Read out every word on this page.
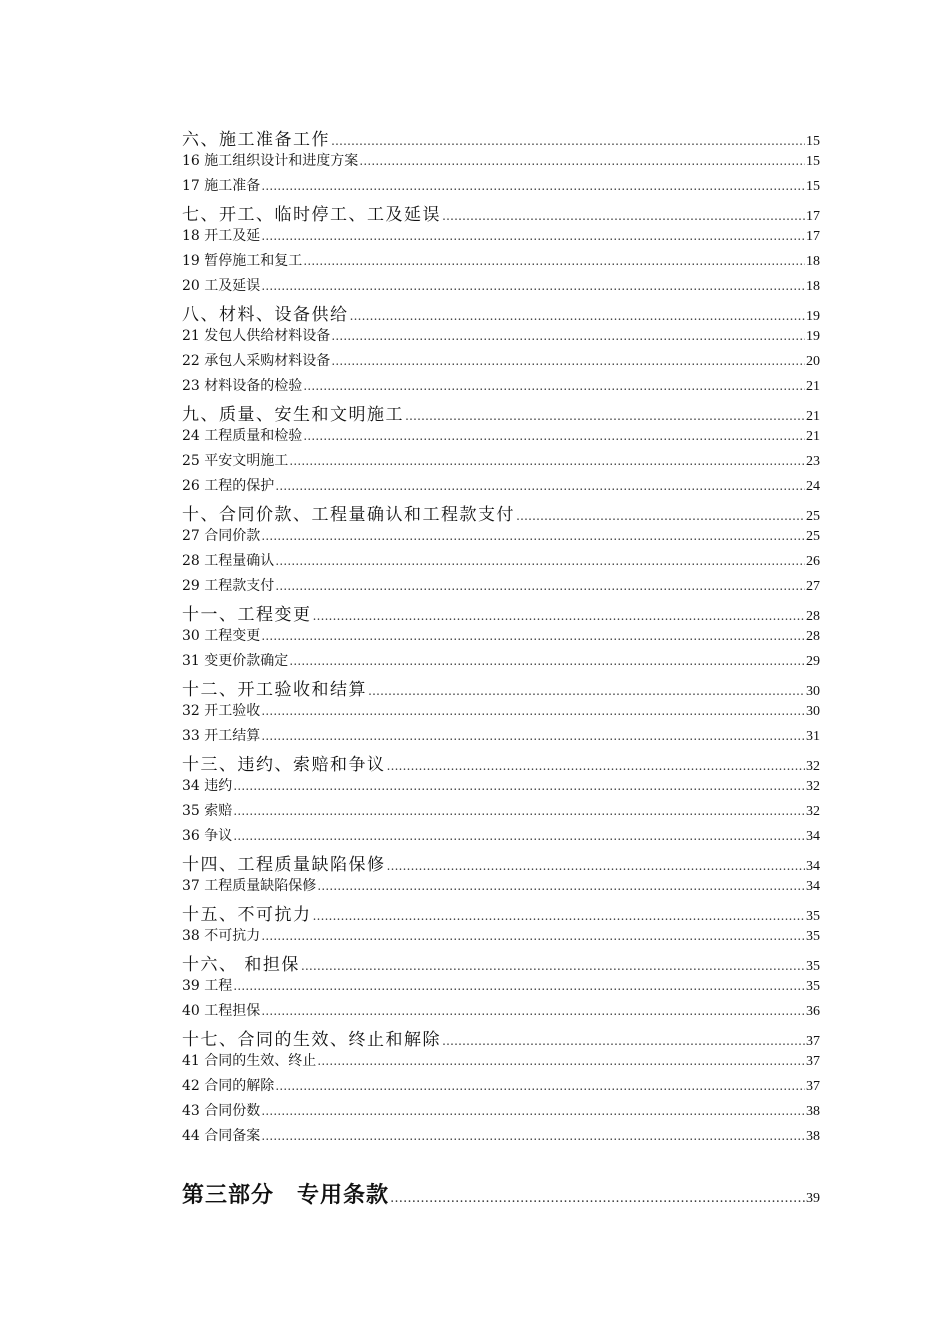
六、施工准备工作 ………………………………………………………………………………………………………………………………………………………………………………………………………………………………	15
16 施工组织设计和进度方案 ………………………………………………………………………………………………………………………………………………………………………………………………………………………………	15
17 施工准备 ………………………………………………………………………………………………………………………………………………………………………………………………………………………………	15
七、开工、临时停工、工及延误 ………………………………………………………………………………………………………………………………………………………………………………………………………………………………	17
18 开工及延 ………………………………………………………………………………………………………………………………………………………………………………………………………………………………	17
19 暂停施工和复工 ………………………………………………………………………………………………………………………………………………………………………………………………………………………………	18
20 工及延误 ………………………………………………………………………………………………………………………………………………………………………………………………………………………………	18
八、材料、设备供给 ………………………………………………………………………………………………………………………………………………………………………………………………………………………………	19
21 发包人供给材料设备 ………………………………………………………………………………………………………………………………………………………………………………………………………………………………	19
22 承包人采购材料设备 ………………………………………………………………………………………………………………………………………………………………………………………………………………………………	20
23 材料设备的检验 ………………………………………………………………………………………………………………………………………………………………………………………………………………………………	21
九、质量、安生和文明施工 ………………………………………………………………………………………………………………………………………………………………………………………………………………………………	21
24 工程质量和检验 ………………………………………………………………………………………………………………………………………………………………………………………………………………………………	21
25 平安文明施工 ………………………………………………………………………………………………………………………………………………………………………………………………………………………………	23
26 工程的保护 ………………………………………………………………………………………………………………………………………………………………………………………………………………………………	24
十、合同价款、工程量确认和工程款支付 ………………………………………………………………………………………………………………………………………………………………………………………………………………………………	25
27 合同价款 ………………………………………………………………………………………………………………………………………………………………………………………………………………………………	25
28 工程量确认 ………………………………………………………………………………………………………………………………………………………………………………………………………………………………	26
29 工程款支付 ………………………………………………………………………………………………………………………………………………………………………………………………………………………………	27
十一、工程变更 ………………………………………………………………………………………………………………………………………………………………………………………………………………………………	28
30 工程变更 ………………………………………………………………………………………………………………………………………………………………………………………………………………………………	28
31 变更价款确定 ………………………………………………………………………………………………………………………………………………………………………………………………………………………………	29
十二、开工验收和结算 ………………………………………………………………………………………………………………………………………………………………………………………………………………………………	30
32 开工验收 ………………………………………………………………………………………………………………………………………………………………………………………………………………………………	30
33 开工结算 ………………………………………………………………………………………………………………………………………………………………………………………………………………………………	31
十三、违约、索赔和争议 ………………………………………………………………………………………………………………………………………………………………………………………………………………………………	32
34 违约 ………………………………………………………………………………………………………………………………………………………………………………………………………………………………	32
35 索赔 ………………………………………………………………………………………………………………………………………………………………………………………………………………………………	32
36 争议 ………………………………………………………………………………………………………………………………………………………………………………………………………………………………	34
十四、工程质量缺陷保修 ………………………………………………………………………………………………………………………………………………………………………………………………………………………………	34
37 工程质量缺陷保修 ………………………………………………………………………………………………………………………………………………………………………………………………………………………………	34
十五、不可抗力 ………………………………………………………………………………………………………………………………………………………………………………………………………………………………	35
38 不可抗力 ………………………………………………………………………………………………………………………………………………………………………………………………………………………………	35
十六、 和担保 ………………………………………………………………………………………………………………………………………………………………………………………………………………………………	35
39 工程 ………………………………………………………………………………………………………………………………………………………………………………………………………………………………	35
40 工程担保 ………………………………………………………………………………………………………………………………………………………………………………………………………………………………	36
十七、合同的生效、终止和解除 ………………………………………………………………………………………………………………………………………………………………………………………………………………………………	37
41 合同的生效、终止 ………………………………………………………………………………………………………………………………………………………………………………………………………………………………	37
42 合同的解除 ………………………………………………………………………………………………………………………………………………………………………………………………………………………………	37
43 合同份数 ………………………………………………………………………………………………………………………………………………………………………………………………………………………………	38
44 合同备案 ………………………………………………………………………………………………………………………………………………………………………………………………………………………………	38
第三部分　专用条款 ………………………………………………………………………………………………………………………………………………………………………………………………………………………………	39
